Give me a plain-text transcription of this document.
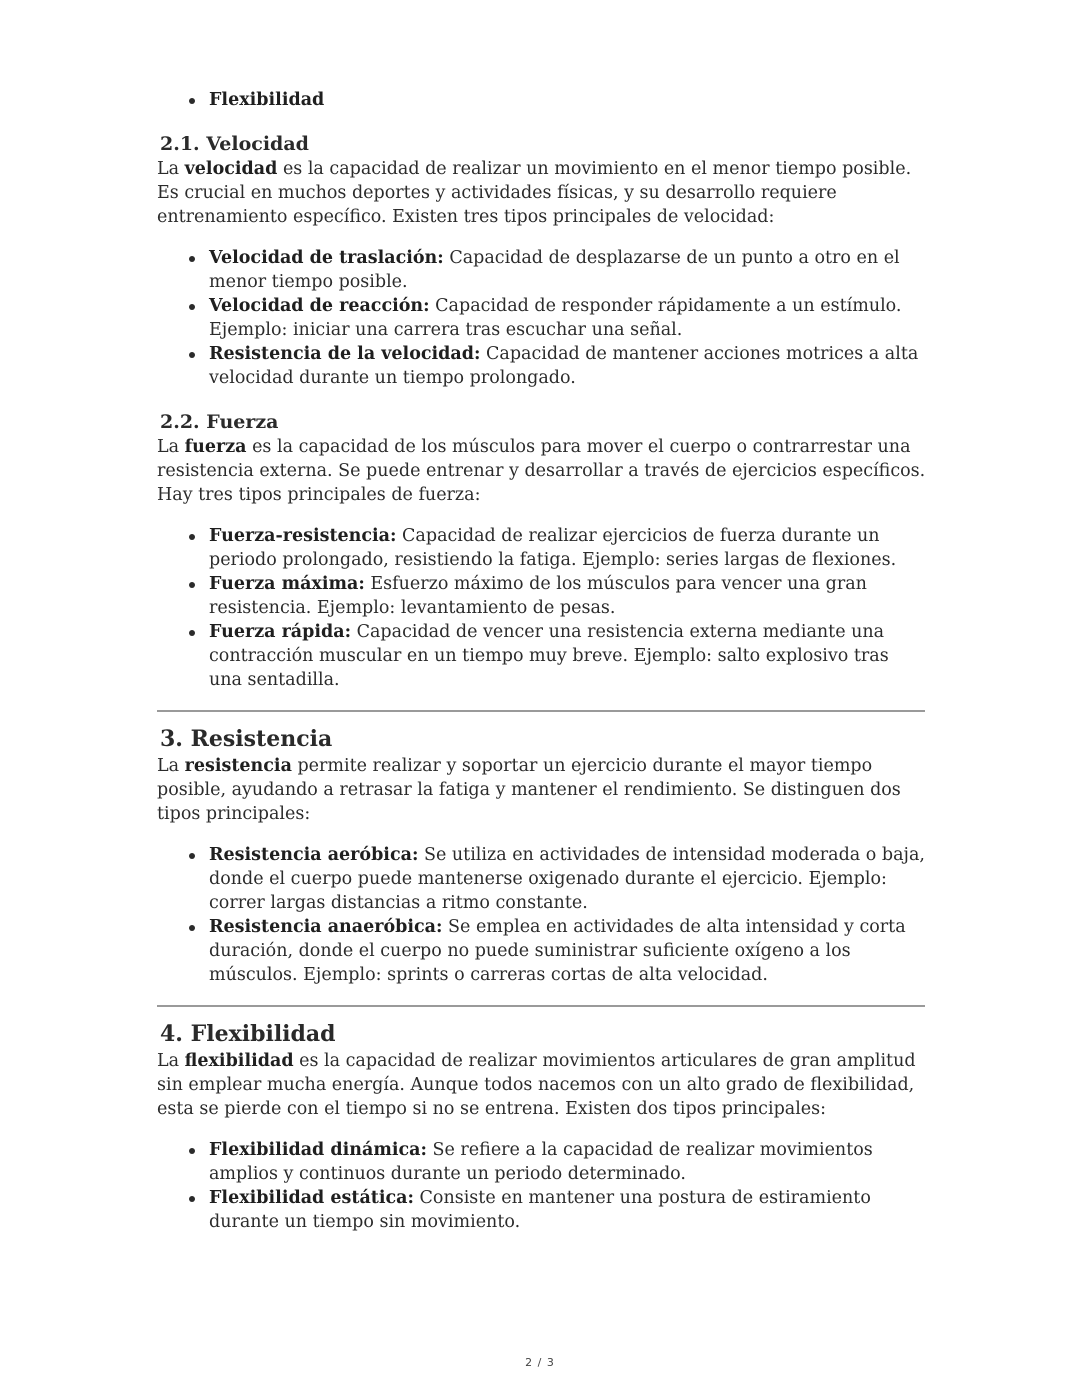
Flexibilidad
2.1. Velocidad

La velocidad es la capacidad de realizar un movimiento en el menor tiempo posible. Es crucial en muchos deportes y actividades físicas, y su desarrollo requiere entrenamiento específico. Existen tres tipos principales de velocidad:

Velocidad de traslación: Capacidad de desplazarse de un punto a otro en el menor tiempo posible.
Velocidad de reacción: Capacidad de responder rápidamente a un estímulo. Ejemplo: iniciar una carrera tras escuchar una señal.
Resistencia de la velocidad: Capacidad de mantener acciones motrices a alta velocidad durante un tiempo prolongado.
2.2. Fuerza

La fuerza es la capacidad de los músculos para mover el cuerpo o contrarrestar una resistencia externa. Se puede entrenar y desarrollar a través de ejercicios específicos. Hay tres tipos principales de fuerza:

Fuerza-resistencia: Capacidad de realizar ejercicios de fuerza durante un periodo prolongado, resistiendo la fatiga. Ejemplo: series largas de flexiones.
Fuerza máxima: Esfuerzo máximo de los músculos para vencer una gran resistencia. Ejemplo: levantamiento de pesas.
Fuerza rápida: Capacidad de vencer una resistencia externa mediante una contracción muscular en un tiempo muy breve. Ejemplo: salto explosivo tras una sentadilla.
3. Resistencia

La resistencia permite realizar y soportar un ejercicio durante el mayor tiempo posible, ayudando a retrasar la fatiga y mantener el rendimiento. Se distinguen dos tipos principales:

Resistencia aeróbica: Se utiliza en actividades de intensidad moderada o baja, donde el cuerpo puede mantenerse oxigenado durante el ejercicio. Ejemplo: correr largas distancias a ritmo constante.
Resistencia anaeróbica: Se emplea en actividades de alta intensidad y corta duración, donde el cuerpo no puede suministrar suficiente oxígeno a los músculos. Ejemplo: sprints o carreras cortas de alta velocidad.
4. Flexibilidad

La flexibilidad es la capacidad de realizar movimientos articulares de gran amplitud sin emplear mucha energía. Aunque todos nacemos con un alto grado de flexibilidad, esta se pierde con el tiempo si no se entrena. Existen dos tipos principales:

Flexibilidad dinámica: Se refiere a la capacidad de realizar movimientos amplios y continuos durante un periodo determinado.
Flexibilidad estática: Consiste en mantener una postura de estiramiento durante un tiempo sin movimiento.
2 / 3
